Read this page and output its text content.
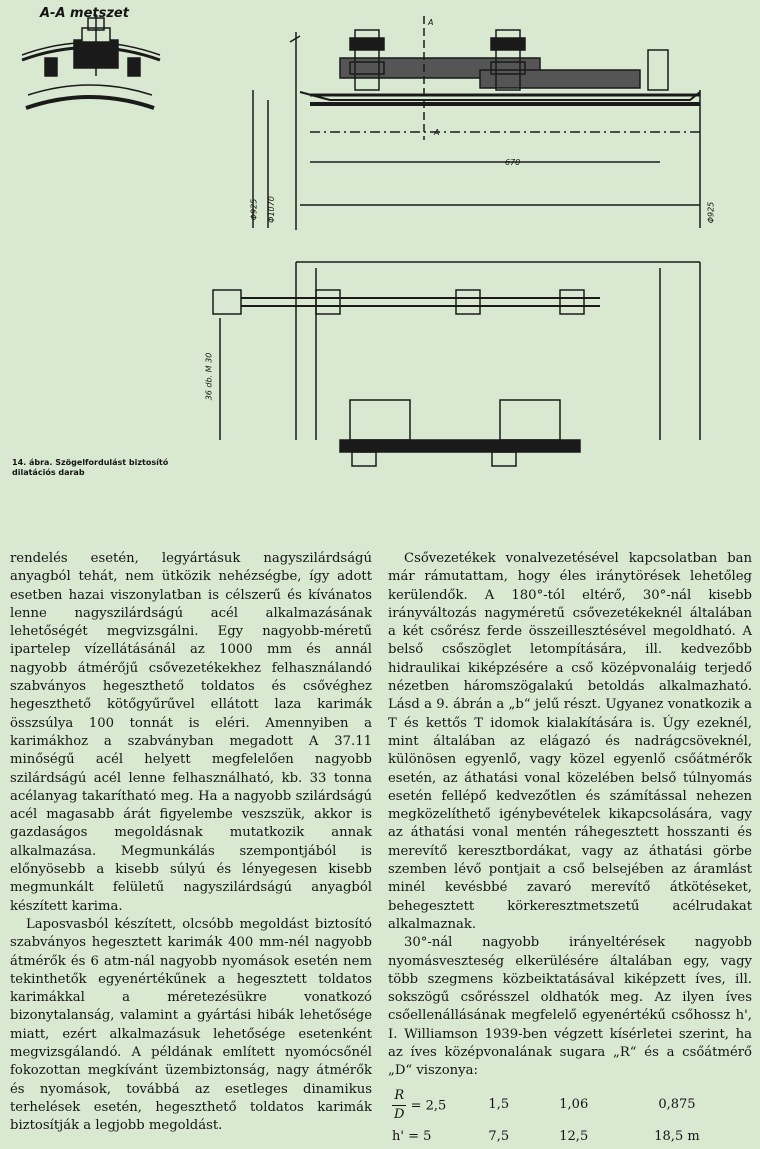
A-A metszet
A
A
670
Φ925 Φ1070	Φ925
36 db. M 30
14. ábra. Szögelfordulást biztosító dilatációs darab

rendelés esetén, legyártásuk nagyszilárdságú anyagból tehát, nem ütközik nehézségbe, így adott esetben hazai viszonylatban is célszerű és kívánatos lenne nagyszilárdságú acél alkalmazásának lehetőségét megvizsgálni. Egy nagyobb-méretű ipartelep vízellátásánál az 1000 mm és annál nagyobb átmérőjű csővezetékekhez felhasználandó szabványos hegeszthető toldatos és csővéghez hegeszthető kötőgyűrűvel ellátott laza karimák összsúlya 100 tonnát is eléri. Amennyiben a karimákhoz a szabványban megadott A 37.11 minőségű acél helyett megfelelően nagyobb szilárdságú acél lenne felhasználható, kb. 33 tonna acélanyag takarítható meg. Ha a nagyobb szilárdságú acél magasabb árát figyelembe veszszük, akkor is gazdaságos megoldásnak mutatkozik annak alkalmazása. Megmunkálás szempontjából is előnyösebb a kisebb súlyú és lényegesen kisebb megmunkált felületű nagyszilárdságú anyagból készített karima.

Laposvasból készített, olcsóbb megoldást biztosító szabványos hegesztett karimák 400 mm-nél nagyobb átmérők és 6 atm-nál nagyobb nyomások esetén nem tekinthetők egyenértékűnek a hegesztett toldatos karimákkal a méretezésükre vonatkozó bizonytalanság, valamint a gyártási hibák lehetősége miatt, ezért alkalmazásuk lehetősége esetenként megvizsgálandó. A példának említett nyomócsőnél fokozottan megkívánt üzembiztonság, nagy átmérők és nyomások, továbbá az esetleges dinamikus terhelések esetén, hegeszthető toldatos karimák biztosítják a legjobb megoldást.

Csővezetékek vonalvezetésével kapcsolatban ban már rámutattam, hogy éles iránytörések lehetőleg kerülendők. A 180°-tól eltérő, 30°-nál kisebb irányváltozás nagyméretű csővezetékeknél általában a két csőrész ferde összeillesztésével megoldható. A belső csőszöglet letompítására, ill. kedvezőbb hidraulikai kiképzésére a cső középvonaláig terjedő nézetben háromszögalakú betoldás alkalmazható. Lásd a 9. ábrán a „b“ jelű részt. Ugyanez vonatkozik a T és kettős T idomok kialakítására is. Úgy ezeknél, mint általában az elágazó és nadrágcsöveknél, különösen egyenlő, vagy közel egyenlő csőátmérők esetén, az áthatási vonal közelében belső túlnyomás esetén fellépő kedvezőtlen és számítással nehezen megközelíthető igénybevételek kikapcsolására, vagy az áthatási vonal mentén ráhegesztett hosszanti és merevítő keresztbordákat, vagy az áthatási görbe szemben lévő pontjait a cső belsejében az áramlást minél kevésbbé zavaró merevítő átkötéseket, behegesztett körkeresztmetszetű acélrudakat alkalmaznak.

30°-nál nagyobb irányeltérések nagyobb nyomásveszteség elkerülésére általában egy, vagy több szegmens közbeiktatásával kiképzett íves, ill. sokszögű csőrésszel oldhatók meg. Az ilyen íves csőellenállásának megfelelő egyenértékű csőhossz h', I. Williamson 1939-ben végzett kísérletei szerint, ha az íves középvonalának sugara „R“ és a csőátmérő „D“ viszonya:

$\frac{R}{D} = 2,5$	1,5	1,06	0,875
h' = 5	7,5	12,5	18,5 m
